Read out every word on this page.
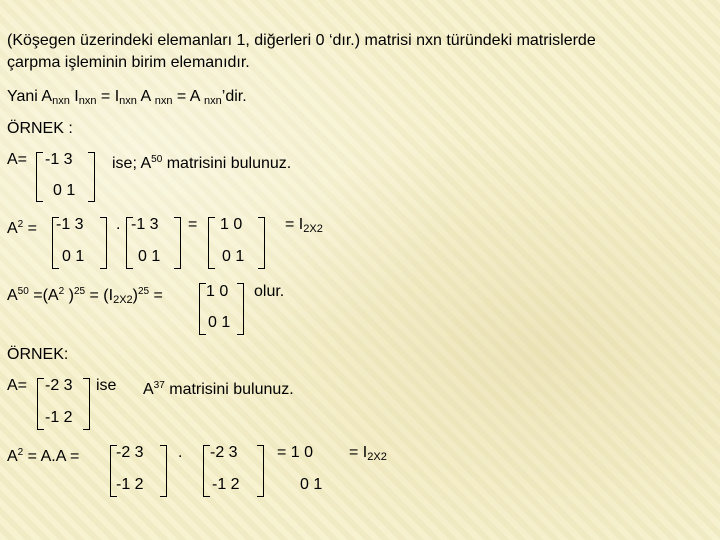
(Köşegen üzerindeki elemanları 1, diğerleri 0 ‘dır.) matrisi nxn türündeki matrislerde
çarpma işleminin birim elemanıdır.
Yani $A_{nxn}$ $I_{nxn} = I_{nxn}$ A $_{nxn}$ = A $_{nxn}$’dir.
ÖRNEK :
A= -1 3
0 1
ise; $A^{50}$ matrisini bulunuz.
$A^2 = -1$ 3
0 1
. -1 3
0 1
= 1 0
0 1
= $I_{2X2}$
$A^{50} =(A^2$ )$^{25} = (I_{2X2})^{25}$ =	1 0
0 1
olur.
ÖRNEK:
A= -2 3
-1 2
ise $A^{37}$ matrisini bulunuz.
$A^2 = A.A = -2$ 3
-1 2
. -2 3
-1 2
= 1 0
0 1
= $I_{2X2}$
